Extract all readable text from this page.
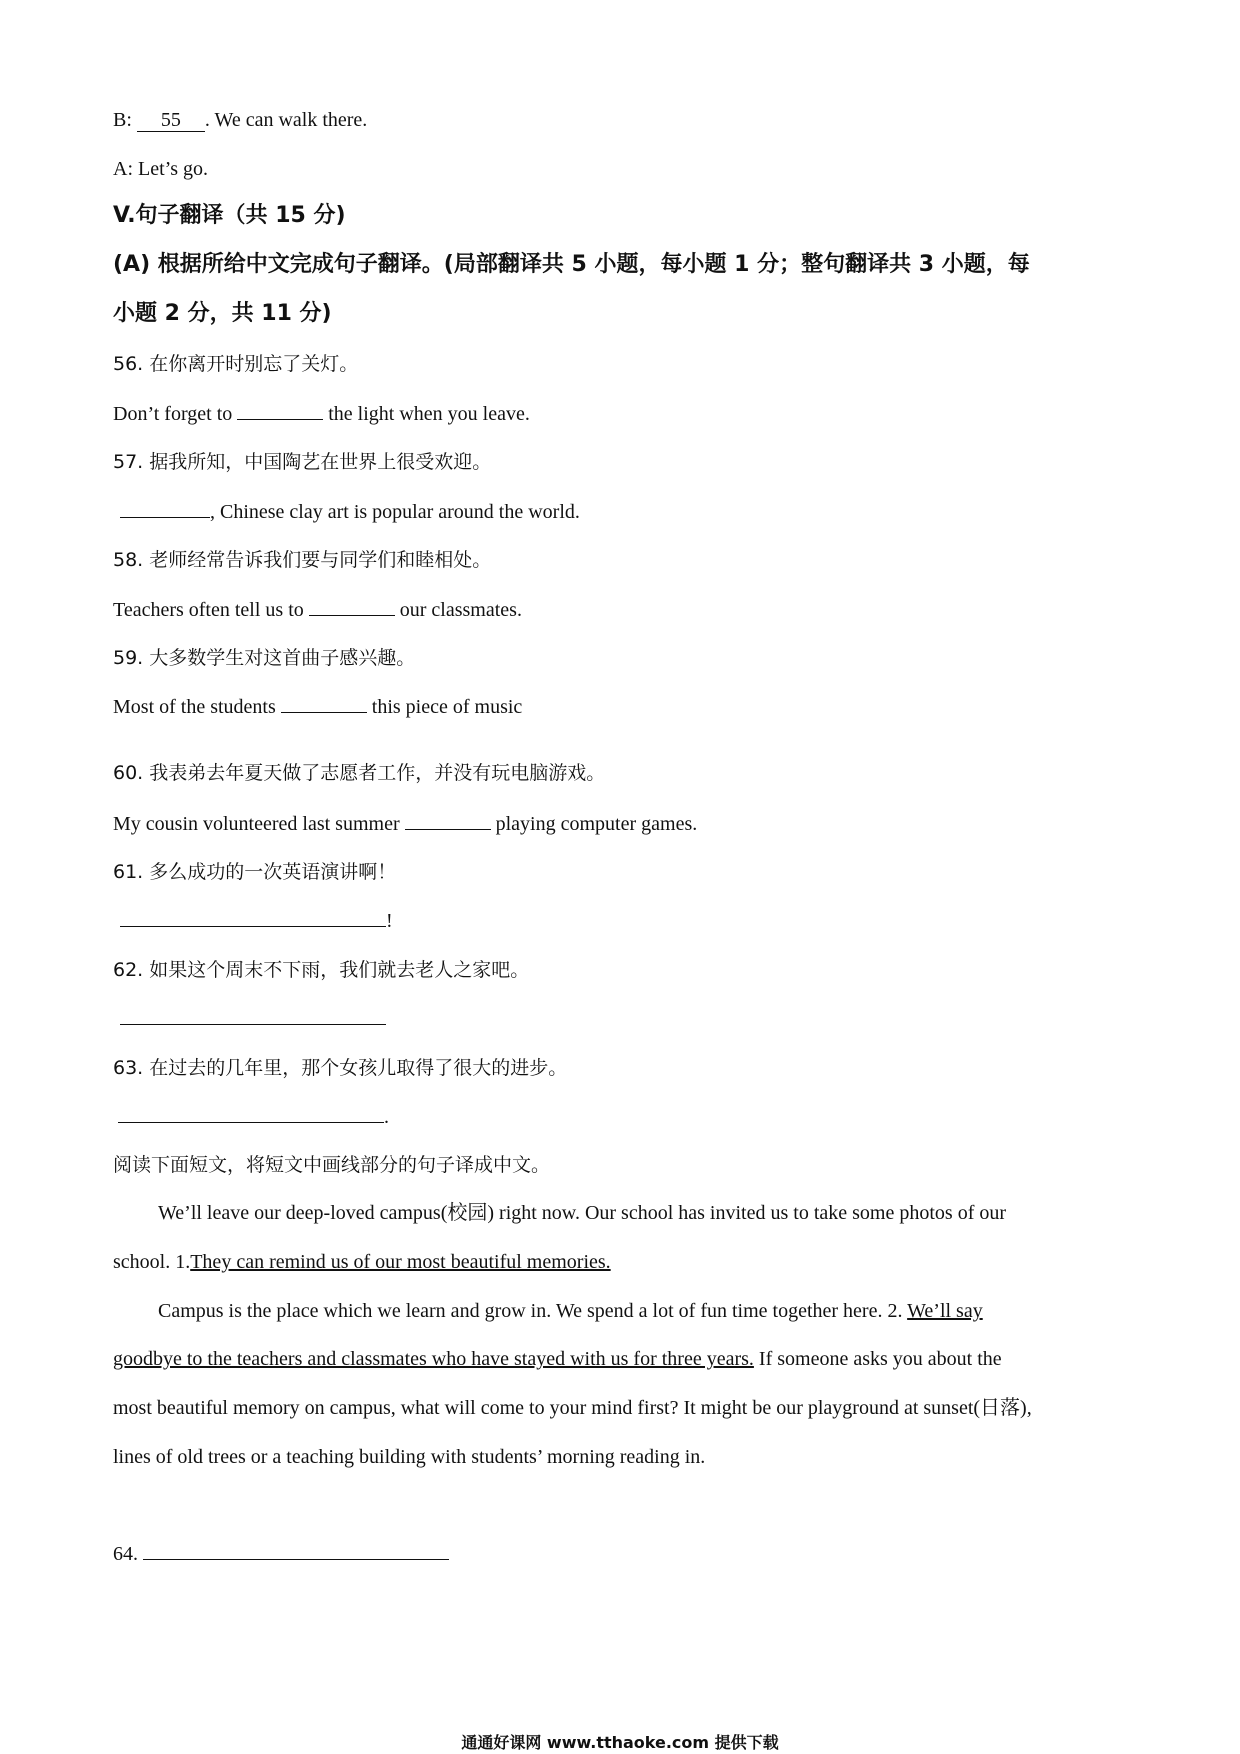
B: 55 . We can walk there.
A: Let’s go.
V.句子翻译（共 15 分)
(A) 根据所给中文完成句子翻译。(局部翻译共 5 小题，每小题 1 分；整句翻译共 3 小题，每
小题 2 分，共 11 分)
56. 在你离开时别忘了关灯。
Don’t forget to	the light when you leave.
57. 据我所知，中国陶艺在世界上很受欢迎。
, Chinese clay art is popular around the world.
58. 老师经常告诉我们要与同学们和睦相处。
Teachers often tell us to	our classmates.
59. 大多数学生对这首曲子感兴趣。
Most of the students	this piece of music
60. 我表弟去年夏天做了志愿者工作，并没有玩电脑游戏。
My cousin volunteered last summer	playing computer games.
61. 多么成功的一次英语演讲啊！
!
62. 如果这个周末不下雨，我们就去老人之家吧。
63. 在过去的几年里，那个女孩儿取得了很大的进步。
.
阅读下面短文，将短文中画线部分的句子译成中文。
We’ll leave our deep-loved campus(校园) right now. Our school has invited us to take some photos of our
school. 1.They can remind us of our most beautiful memories.
Campus is the place which we learn and grow in. We spend a lot of fun time together here. 2. We’ll say
goodbye to the teachers and classmates who have stayed with us for three years. If someone asks you about the
most beautiful memory on campus, what will come to your mind first? It might be our playground at sunset(日落),
lines of old trees or a teaching building with students’ morning reading in.
64.
通通好课网 www.tthaoke.com 提供下载
